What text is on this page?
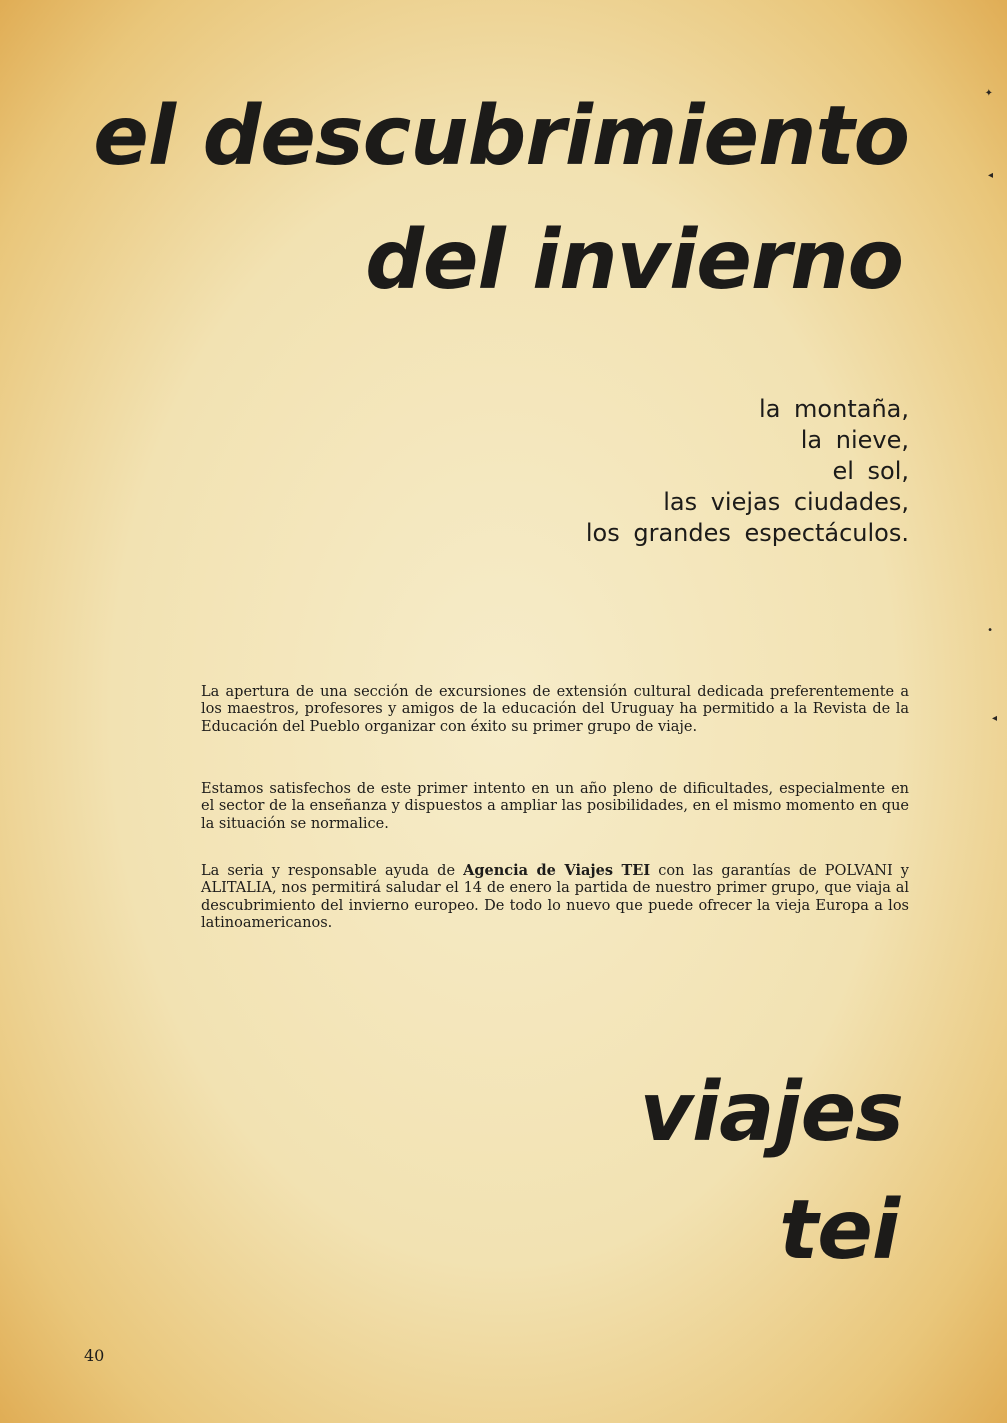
el descubrimiento
del invierno
la montaña,
la nieve,
el sol,
las viejas ciudades,
los grandes espectáculos.

La apertura de una sección de excursiones de extensión cultural dedicada preferentemente a los maestros, profesores y amigos de la educación del Uruguay ha permitido a la Revista de la Educación del Pueblo organizar con éxito su primer grupo de viaje.

Estamos satisfechos de este primer intento en un año pleno de dificultades, especialmente en el sector de la enseñanza y dispuestos a ampliar las posibilidades, en el mismo momento en que la situación se normalice.

La seria y responsable ayuda de Agencia de Viajes TEI con las garantías de POLVANI y ALITALIA, nos permitirá saludar el 14 de enero la partida de nuestro primer grupo, que viaja al descubrimiento del invierno europeo. De todo lo nuevo que puede ofrecer la vieja Europa a los latinoamericanos.

viajes
tei
40
✦
◂
•
◂
